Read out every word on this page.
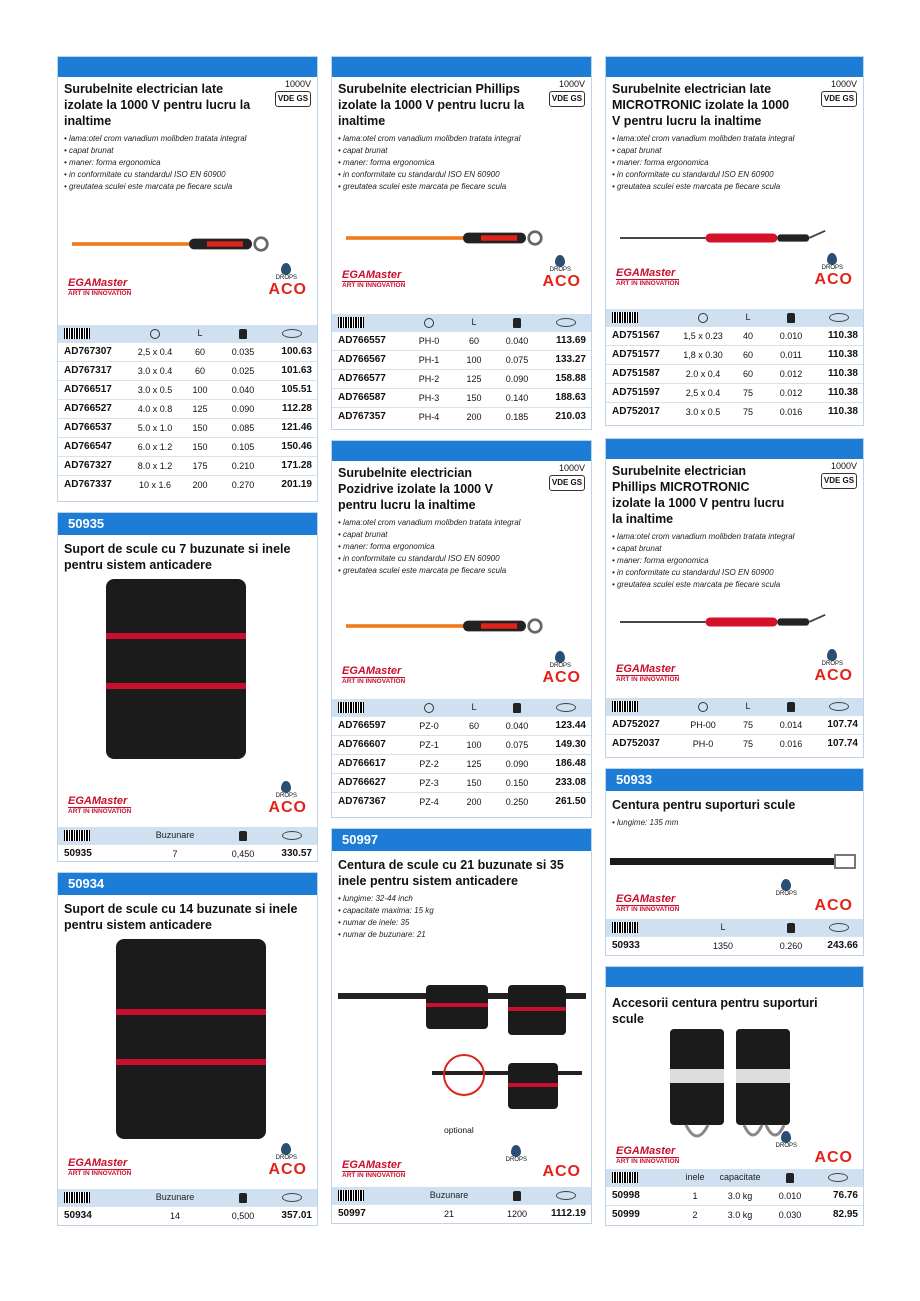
1000V
VDE GS
Surubelnite electrician late izolate la 1000 V pentru lucru la inaltime
• lama:otel crom vanadium molibden tratata integral
• capat brunat
• maner: forma ergonomica
• in conformitate cu standardul ISO EN 60900
• greutatea sculei este marcata pe fiecare scula
EGAMaster
ART IN INNOVATION
DROPS
ACO
		L		
AD767307	2,5 x 0.4	60	0.035	100.63
AD767317	3.0 x 0.4	60	0.025	101.63
AD766517	3.0 x 0.5	100	0.040	105.51
AD766527	4.0 x 0.8	125	0.090	112.28
AD766537	5.0 x 1.0	150	0.085	121.46
AD766547	6.0 x 1.2	150	0.105	150.46
AD767327	8.0 x 1.2	175	0.210	171.28
AD767337	10 x 1.6	200	0.270	201.19
1000V
VDE GS
Surubelnite electrician Phillips izolate la 1000 V pentru lucru la inaltime
• lama:otel crom vanadium molibden tratata integral
• capat brunat
• maner: forma ergonomica
• in conformitate cu standardul ISO EN 60900
• greutatea sculei este marcata pe fiecare scula
EGAMaster
ART IN INNOVATION
DROPS
ACO
		L		
AD766557	PH-0	60	0.040	113.69
AD766567	PH-1	100	0.075	133.27
AD766577	PH-2	125	0.090	158.88
AD766587	PH-3	150	0.140	188.63
AD767357	PH-4	200	0.185	210.03
1000V
VDE GS
Surubelnite electrician late MICROTRONIC izolate la 1000 V pentru lucru la inaltime
• lama:otel crom vanadium molibden tratata integral
• capat brunat
• maner: forma ergonomica
• in conformitate cu standardul ISO EN 60900
• greutatea sculei este marcata pe fiecare scula
EGAMaster
ART IN INNOVATION
DROPS
ACO
		L		
AD751567	1,5 x 0.23	40	0.010	110.38
AD751577	1,8 x 0.30	60	0.011	110.38
AD751587	2.0 x 0.4	60	0.012	110.38
AD751597	2,5 x 0.4	75	0.012	110.38
AD752017	3.0 x 0.5	75	0.016	110.38
1000V
VDE GS
Surubelnite electrician Pozidrive izolate la 1000 V pentru lucru la inaltime
• lama:otel crom vanadium molibden tratata integral
• capat brunat
• maner: forma ergonomica
• in conformitate cu standardul ISO EN 60900
• greutatea sculei este marcata pe fiecare scula
EGAMaster
ART IN INNOVATION
DROPS
ACO
		L		
AD766597	PZ-0	60	0.040	123.44
AD766607	PZ-1	100	0.075	149.30
AD766617	PZ-2	125	0.090	186.48
AD766627	PZ-3	150	0.150	233.08
AD767367	PZ-4	200	0.250	261.50
1000V
VDE GS
Surubelnite electrician Phillips MICROTRONIC izolate la 1000 V pentru lucru la inaltime
• lama:otel crom vanadium molibden tratata integral
• capat brunat
• maner: forma ergonomica
• in conformitate cu standardul ISO EN 60900
• greutatea sculei este marcata pe fiecare scula
EGAMaster
ART IN INNOVATION
DROPS
ACO
		L		
AD752027	PH-00	75	0.014	107.74
AD752037	PH-0	75	0.016	107.74
50935
Suport de scule cu 7 buzunate si inele pentru sistem anticadere
EGAMaster
ART IN INNOVATION
DROPS
ACO
	Buzunare		
50935	7	0,450	330.57
50934
Suport de scule cu 14 buzunate si inele pentru sistem anticadere
EGAMaster
ART IN INNOVATION
DROPS
ACO
	Buzunare		
50934	14	0,500	357.01
50997
Centura de scule cu 21 buzunate si 35 inele pentru sistem anticadere
• lungime: 32-44 inch
• capacitate maxima: 15 kg
• numar de inele: 35
• numar de buzunare: 21
optional
EGAMaster
ART IN INNOVATION
DROPS
ACO
	Buzunare		
50997	21	1200	1112.19
50933
Centura pentru suporturi scule
• lungime: 135 mm
EGAMaster
ART IN INNOVATION
DROPS
ACO
	L		
50933	1350	0.260	243.66
Accesorii centura pentru suporturi scule
EGAMaster
ART IN INNOVATION
DROPS
ACO
	inele	capacitate		
50998	1	3.0 kg	0.010	76.76
50999	2	3.0 kg	0.030	82.95
